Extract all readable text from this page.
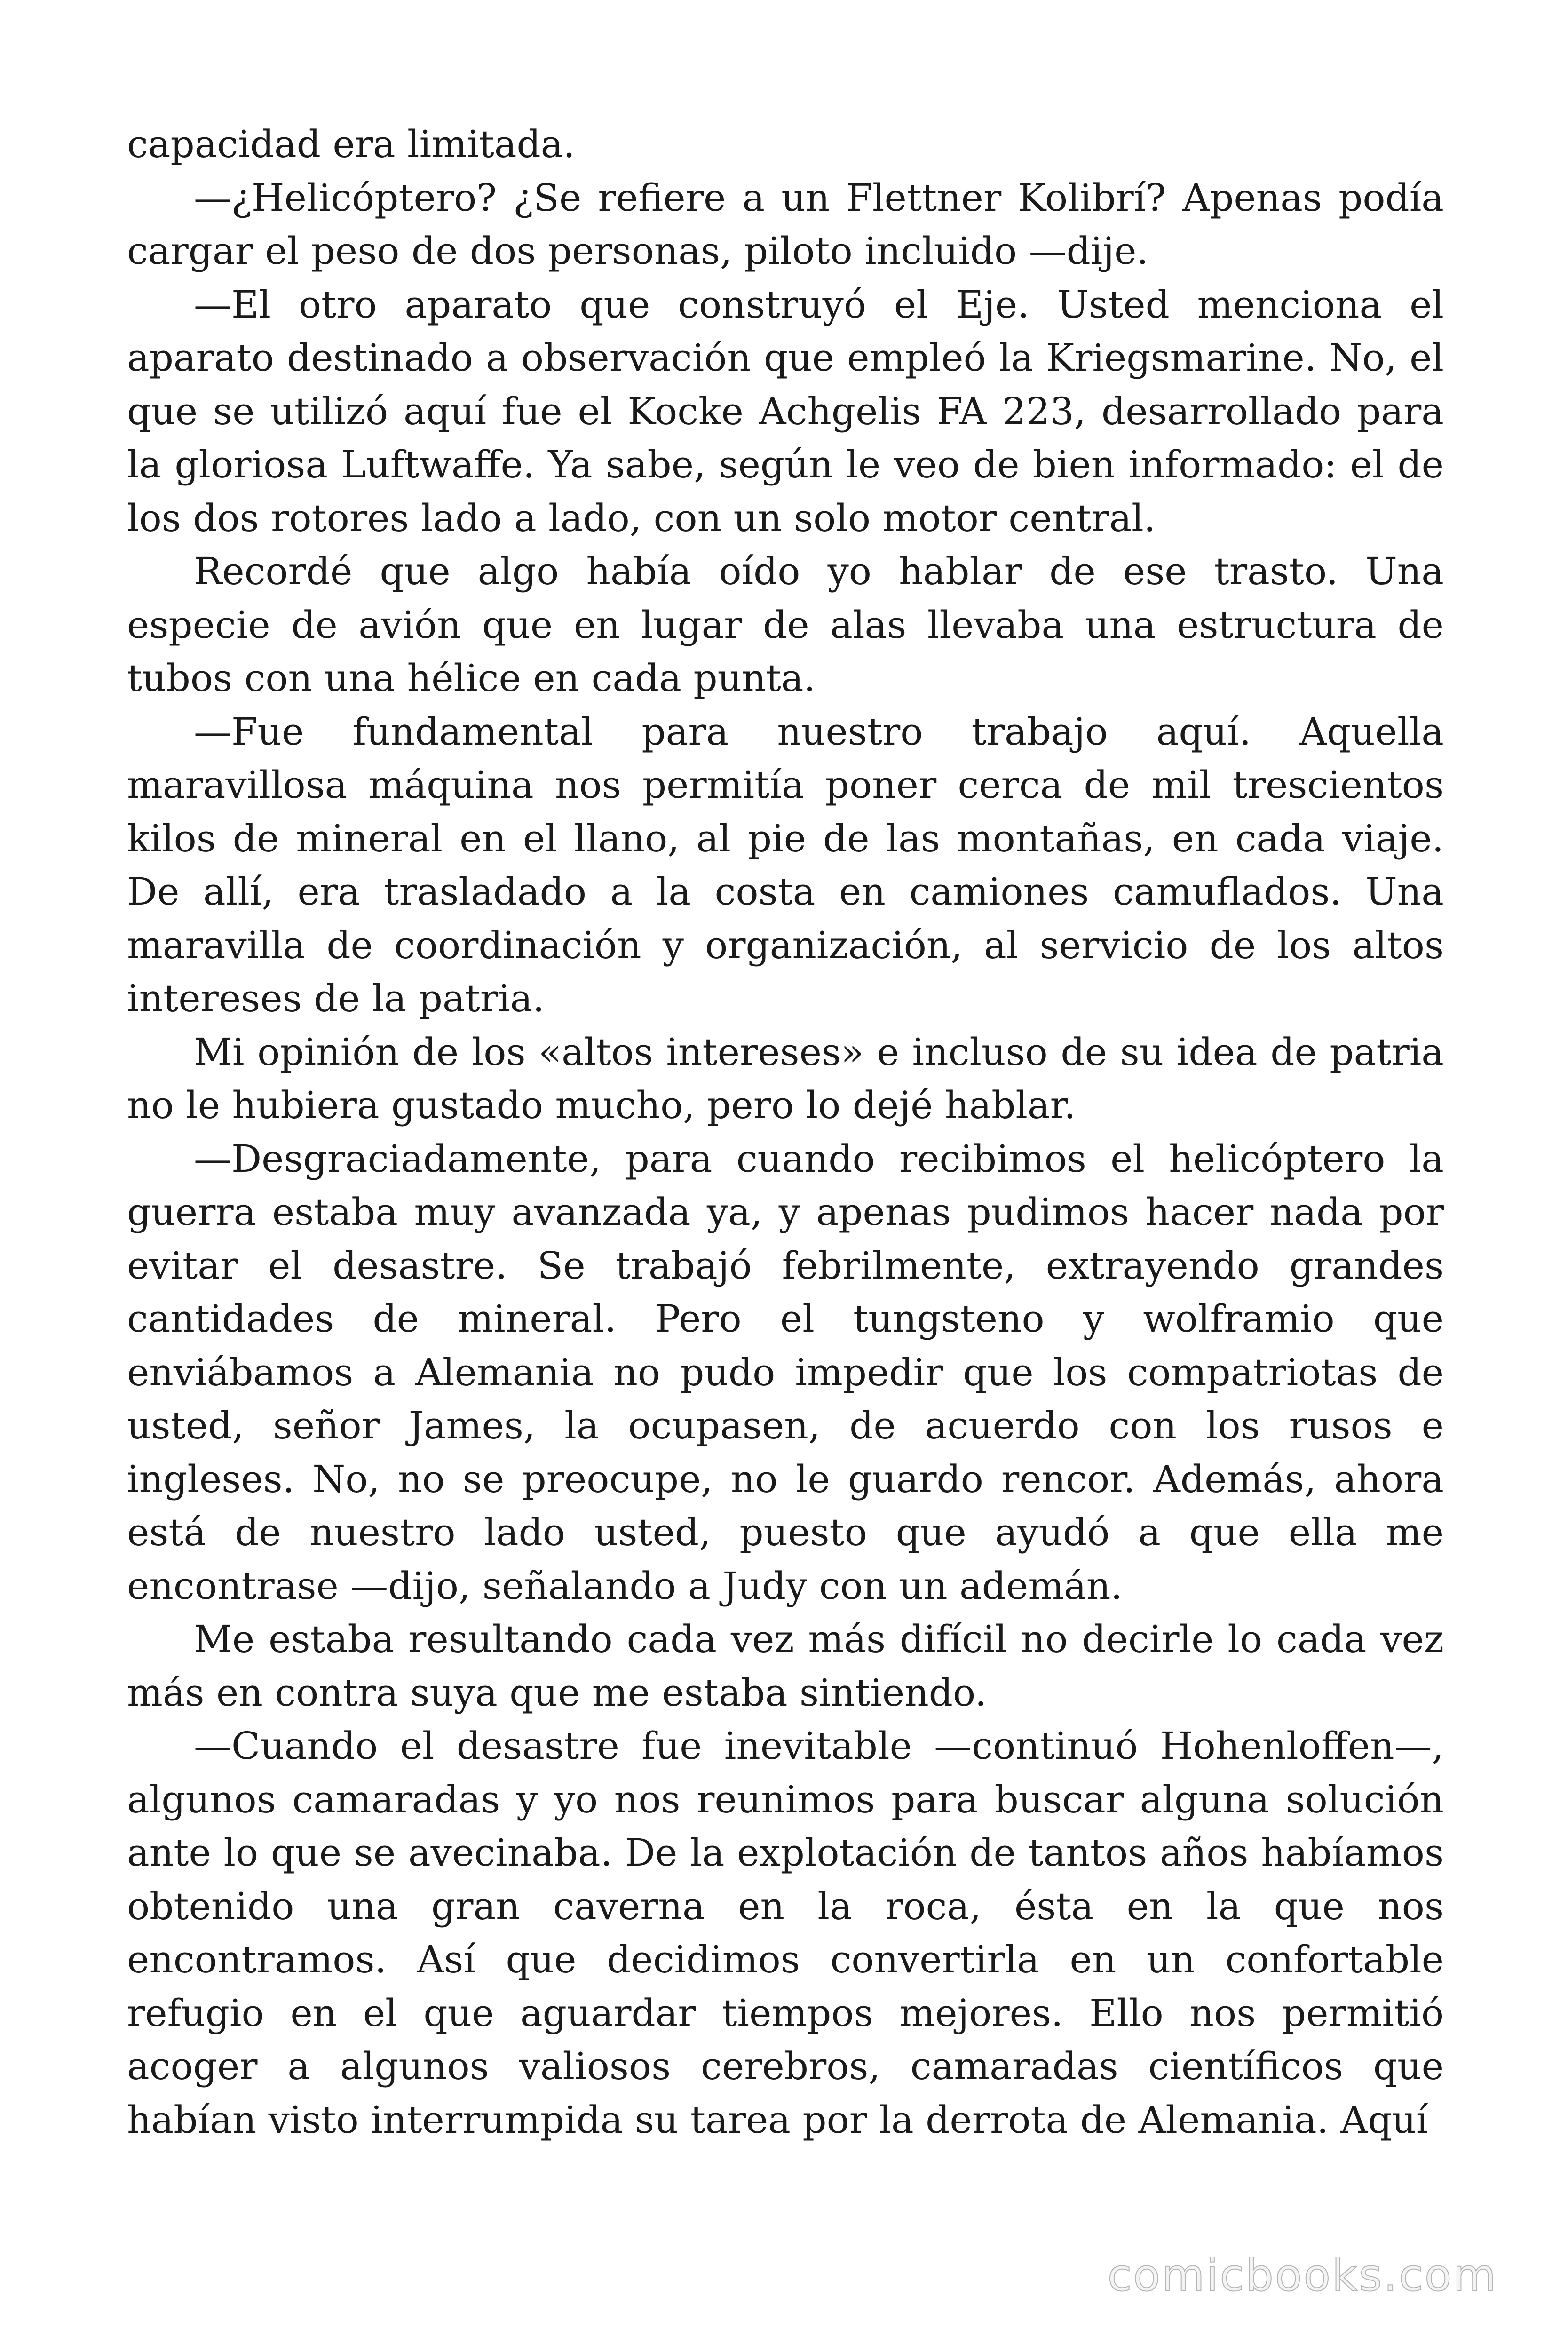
capacidad era limitada.

—¿Helicóptero? ¿Se refiere a un Flettner Kolibrí? Apenas podía cargar el peso de dos personas, piloto incluido —dije.

—El otro aparato que construyó el Eje. Usted menciona el aparato destinado a observación que empleó la Kriegsmarine. No, el que se utilizó aquí fue el Kocke Achgelis FA 223, desarrollado para la gloriosa Luftwaffe. Ya sabe, según le veo de bien informado: el de los dos rotores lado a lado, con un solo motor central.

Recordé que algo había oído yo hablar de ese trasto. Una especie de avión que en lugar de alas llevaba una estructura de tubos con una hélice en cada punta.

—Fue fundamental para nuestro trabajo aquí. Aquella maravillosa máquina nos permitía poner cerca de mil trescientos kilos de mineral en el llano, al pie de las montañas, en cada viaje. De allí, era trasladado a la costa en camiones camuflados. Una maravilla de coordinación y organización, al servicio de los altos intereses de la patria.

Mi opinión de los «altos intereses» e incluso de su idea de patria no le hubiera gustado mucho, pero lo dejé hablar.

—Desgraciadamente, para cuando recibimos el helicóptero la guerra estaba muy avanzada ya, y apenas pudimos hacer nada por evitar el desastre. Se trabajó febrilmente, extrayendo grandes cantidades de mineral. Pero el tungsteno y wolframio que enviábamos a Alemania no pudo impedir que los compatriotas de usted, señor James, la ocupasen, de acuerdo con los rusos e ingleses. No, no se preocupe, no le guardo rencor. Además, ahora está de nuestro lado usted, puesto que ayudó a que ella me encontrase —dijo, señalando a Judy con un ademán.

Me estaba resultando cada vez más difícil no decirle lo cada vez más en contra suya que me estaba sintiendo.

—Cuando el desastre fue inevitable —continuó Hohenloffen—, algunos camaradas y yo nos reunimos para buscar alguna solución ante lo que se avecinaba. De la explotación de tantos años habíamos obtenido una gran caverna en la roca, ésta en la que nos encontramos. Así que decidimos convertirla en un confortable refugio en el que aguardar tiempos mejores. Ello nos permitió acoger a algunos valiosos cerebros, camaradas científicos que habían visto interrumpida su tarea por la derrota de Alemania. Aquí

comicbooks.com
